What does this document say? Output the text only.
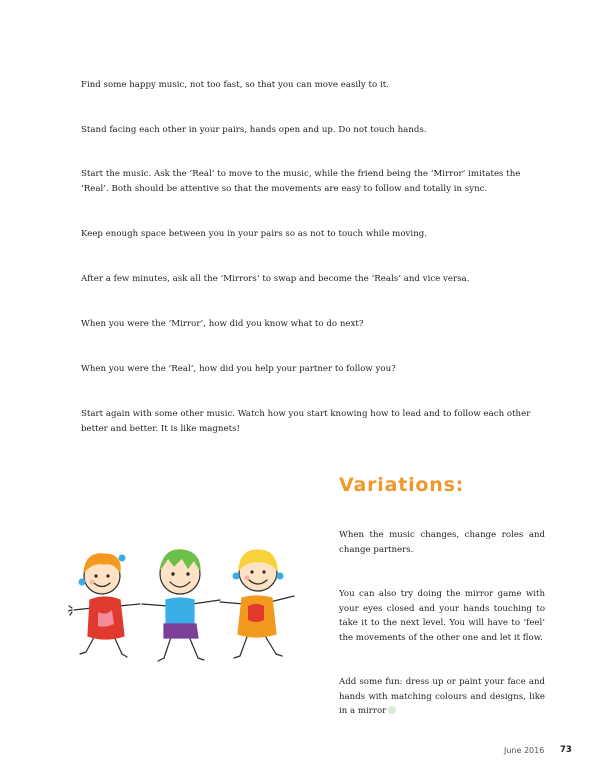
Find some happy music, not too fast, so that you can move easily to it.

Stand facing each other in your pairs, hands open and up. Do not touch hands.

Start the music. Ask the ‘Real’ to move to the music, while the friend being the ‘Mirror’ imitates the ‘Real’. Both should be attentive so that the movements are easy to follow and totally in sync.

Keep enough space between you in your pairs so as not to touch while moving.

After a few minutes, ask all the ‘Mirrors’ to swap and become the ‘Reals’ and vice versa.

When you were the ‘Mirror’, how did you know what to do next?

When you were the ‘Real’, how did you help your partner to follow you?

Start again with some other music. Watch how you start knowing how to lead and to follow each other better and better. It is like magnets!

Variations:

When the music changes, change roles and change partners.

You can also try doing the mirror game with your eyes closed and your hands touching to take it to the next level. You will have to ‘feel’ the movements of the other one and let it flow.

Add some fun: dress up or paint your face and hands with matching colours and designs, like in a mirror

June 2016 73
